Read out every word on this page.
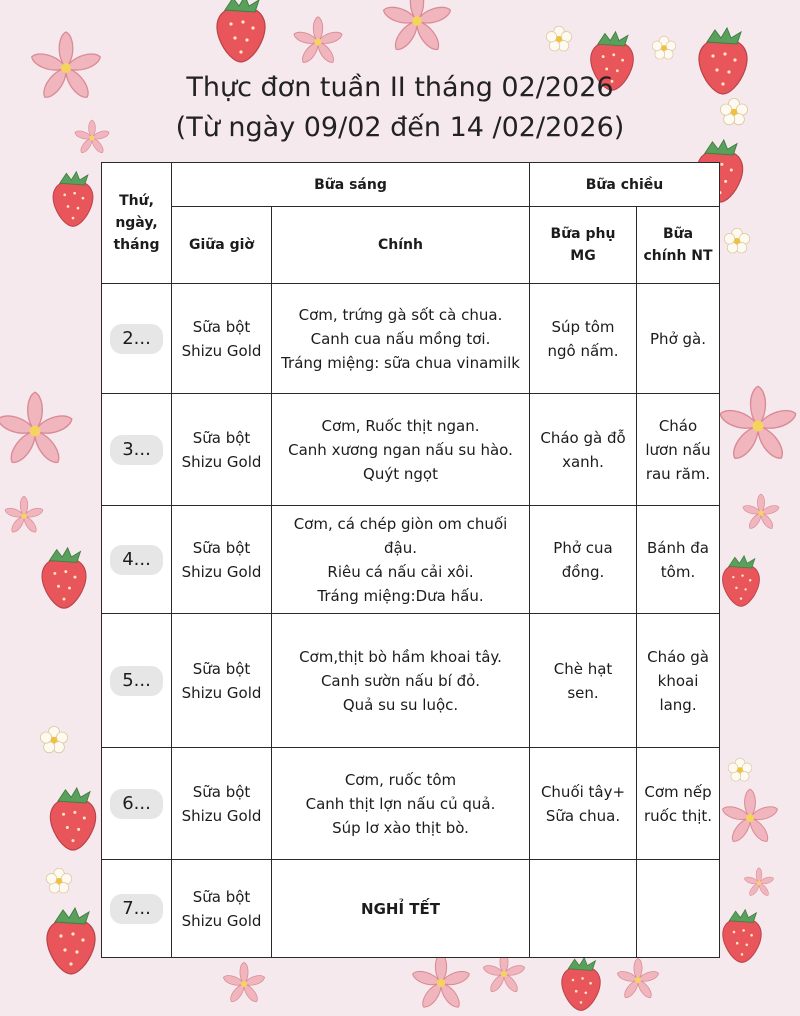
Thực đơn tuần II tháng 02/2026
(Từ ngày 09/02 đến 14 /02/2026)
Thứ, ngày, tháng	Bữa sáng		Bữa chiều	
	Giữa giờ	Chính	Bữa phụ MG	Bữa chính NT
2...	Sữa bột Shizu Gold	Cơm, trứng gà sốt cà chua.
Canh cua nấu mồng tơi.
Tráng miệng: sữa chua vinamilk	Súp tôm ngô nấm.	Phở gà.
3...	Sữa bột Shizu Gold	Cơm, Ruốc thịt ngan.
Canh xương ngan nấu su hào.
Quýt ngọt	Cháo gà đỗ xanh.	Cháo lươn nấu rau răm.
4...	Sữa bột Shizu Gold	Cơm, cá chép giòn om chuối đậu.
Riêu cá nấu cải xôi.
Tráng miệng:Dưa hấu.	Phở cua đồng.	Bánh đa tôm.
5...	Sữa bột Shizu Gold	Cơm,thịt bò hầm khoai tây.
Canh sườn nấu bí đỏ.
Quả su su luộc.	Chè hạt sen.	Cháo gà khoai lang.
6...	Sữa bột Shizu Gold	Cơm, ruốc tôm
Canh thịt lợn nấu củ quả.
Súp lơ xào thịt bò.	Chuối tây+ Sữa chua.	Cơm nếp ruốc thịt.
7...	Sữa bột Shizu Gold	NGHỈ TẾT		
